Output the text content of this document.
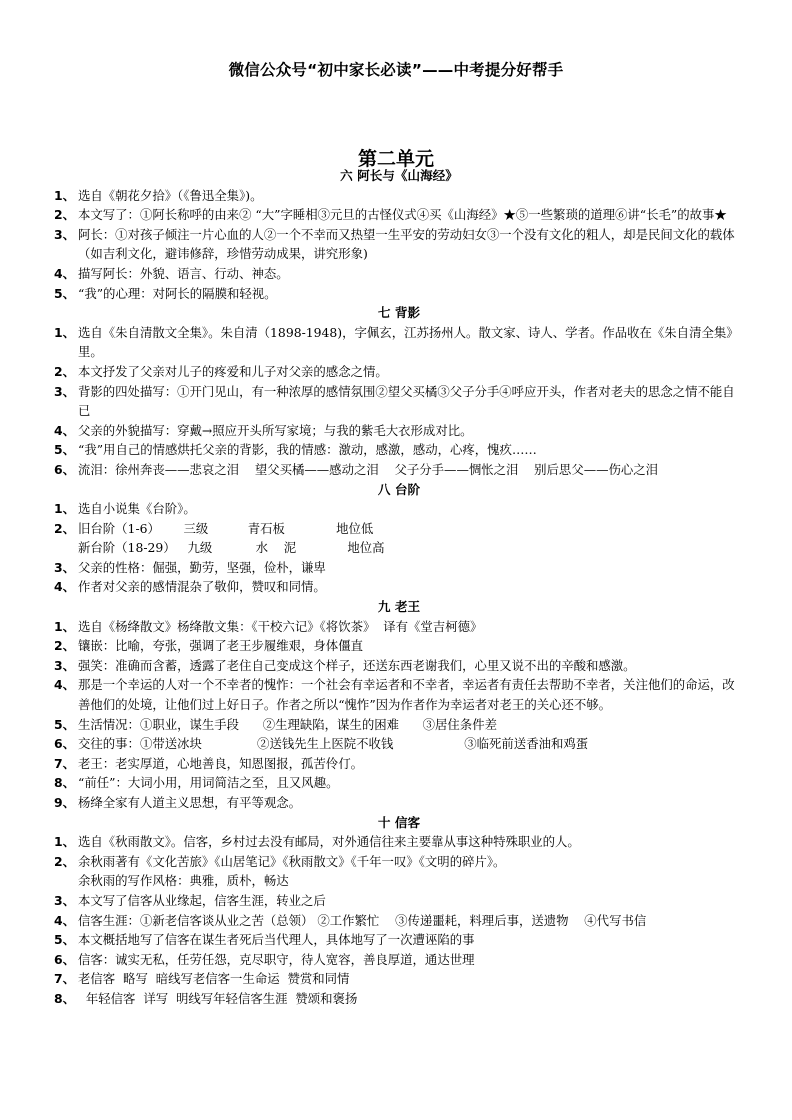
微信公众号“初中家长必读”——中考提分好帮手
第二单元
六 阿长与《山海经》
1、 选自《朝花夕拾》（《鲁迅全集》)。
2、 本文写了：①阿长称呼的由来② “大”字睡相③元旦的古怪仪式④买《山海经》★⑤一些繁琐的道理⑥讲“长毛”的故事★
3、 阿长：①对孩子倾注一片心血的人②一个不幸而又热望一生平安的劳动妇女③一个没有文化的粗人，却是民间文化的载体（如吉利文化，避讳修辞，珍惜劳动成果，讲究形象)
4、 描写阿长：外貌、语言、行动、神态。
5、 “我”的心理：对阿长的隔膜和轻视。
七 背影
1、 选自《朱自清散文全集》。朱自清（1898-1948)，字佩玄，江苏扬州人。散文家、诗人、学者。作品收在《朱自清全集》里。
2、 本文抒发了父亲对儿子的疼爱和儿子对父亲的感念之情。
3、 背影的四处描写：①开门见山，有一种浓厚的感情氛围②望父买橘③父子分手④呼应开头，作者对老夫的思念之情不能自已
4、 父亲的外貌描写：穿戴→照应开头所写家境；与我的紫毛大衣形成对比。
5、 “我”用自己的情感烘托父亲的背影，我的情感：激动，感激，感动，心疼，愧疚……
6、 流泪：徐州奔丧——悲哀之泪    望父买橘——感动之泪    父子分手——惆怅之泪    别后思父——伤心之泪
八 台阶
1、 选自小说集《台阶》。
2、 旧台阶（1-6）      三级          青石板             地位低
新台阶（18-29）   九级           水    泥             地位高
3、 父亲的性格：倔强，勤劳，坚强，俭朴，谦卑
4、 作者对父亲的感情混杂了敬仰，赞叹和同情。
九 老王
1、 选自《杨绛散文》杨绛散文集：《干校六记》《将饮茶》  译有《堂吉柯德》
2、 镶嵌：比喻，夸张，强调了老王步履维艰，身体僵直
3、 强笑：准确而含蓄，透露了老住自己变成这个样子，还送东西老谢我们，心里又说不出的辛酸和感激。
4、 那是一个幸运的人对一个不幸者的愧怍：一个社会有幸运者和不幸者，幸运者有责任去帮助不幸者，关注他们的命运，改善他们的处境，让他们过上好日子。作者之所以“愧怍”因为作者作为幸运者对老王的关心还不够。
5、 生活情况：①职业，谋生手段      ②生理缺陷，谋生的困难      ③居住条件差
6、 交往的事：①带送冰块              ②送钱先生上医院不收钱                  ③临死前送香油和鸡蛋
7、 老王：老实厚道，心地善良，知恩图报，孤苦伶仃。
8、 “前任”：大词小用，用词简洁之至，且又风趣。
9、 杨绛全家有人道主义思想，有平等观念。
十 信客
1、 选自《秋雨散文》。信客，乡村过去没有邮局，对外通信往来主要靠从事这种特殊职业的人。
2、 余秋雨著有《文化苦旅》《山居笔记》《秋雨散文》《千年一叹》《文明的碎片》。
余秋雨的写作风格：典雅，质朴，畅达
3、 本文写了信客从业缘起，信客生涯，转业之后
4、 信客生涯：①新老信客谈从业之苦（总领） ②工作繁忙    ③传递噩耗，料理后事，送遗物    ④代写书信
5、 本文概括地写了信客在谋生者死后当代理人，具体地写了一次遭诬陷的事
6、 信客：诚实无私，任劳任怨，克尽职守，待人宽容，善良厚道，通达世理
7、 老信客  略写  暗线写老信客一生命运  赞赏和同情
8、 年轻信客  详写  明线写年轻信客生涯  赞颂和褒扬
